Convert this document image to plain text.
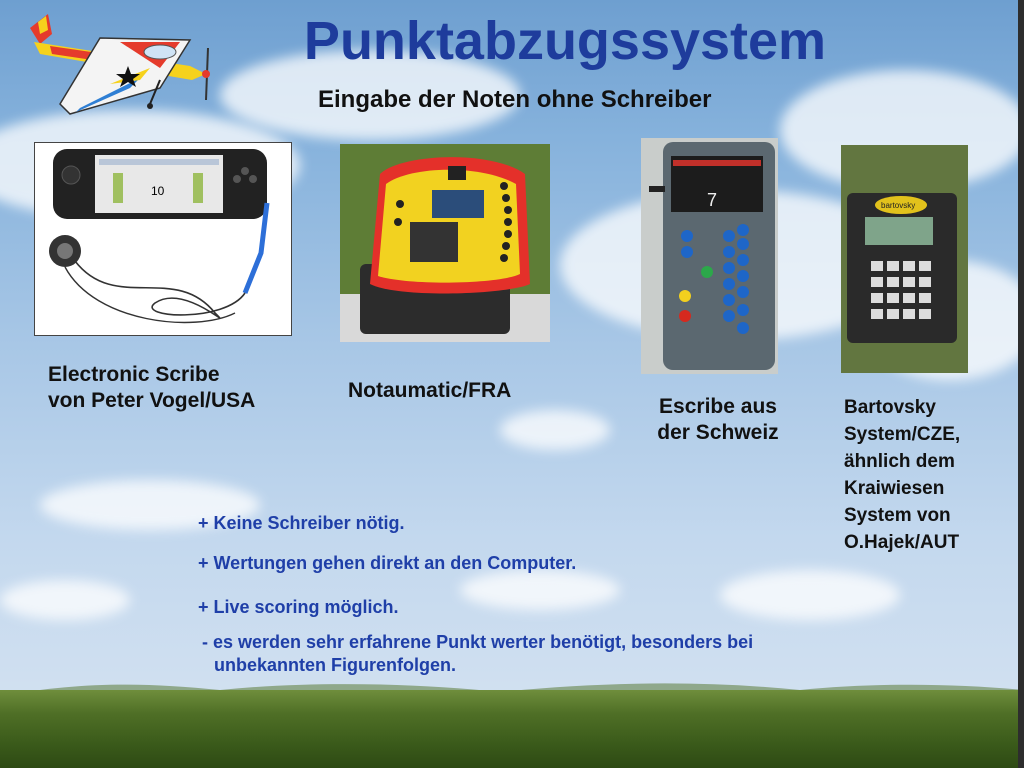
Punktabzugssystem
Eingabe der Noten ohne Schreiber
10	7	bartovsky
Electronic Scribe
von Peter Vogel/USA	Notaumatic/FRA
Escribe aus
der Schweiz
Bartovsky
System/CZE,
ähnlich dem
Kraiwiesen
System von
O.Hajek/AUT
+ Keine Schreiber nötig.
+ Wertungen gehen direkt an den Computer.
+ Live scoring möglich.
- es werden sehr erfahrene Punkt werter benötigt, besonders bei
unbekannten Figurenfolgen.
